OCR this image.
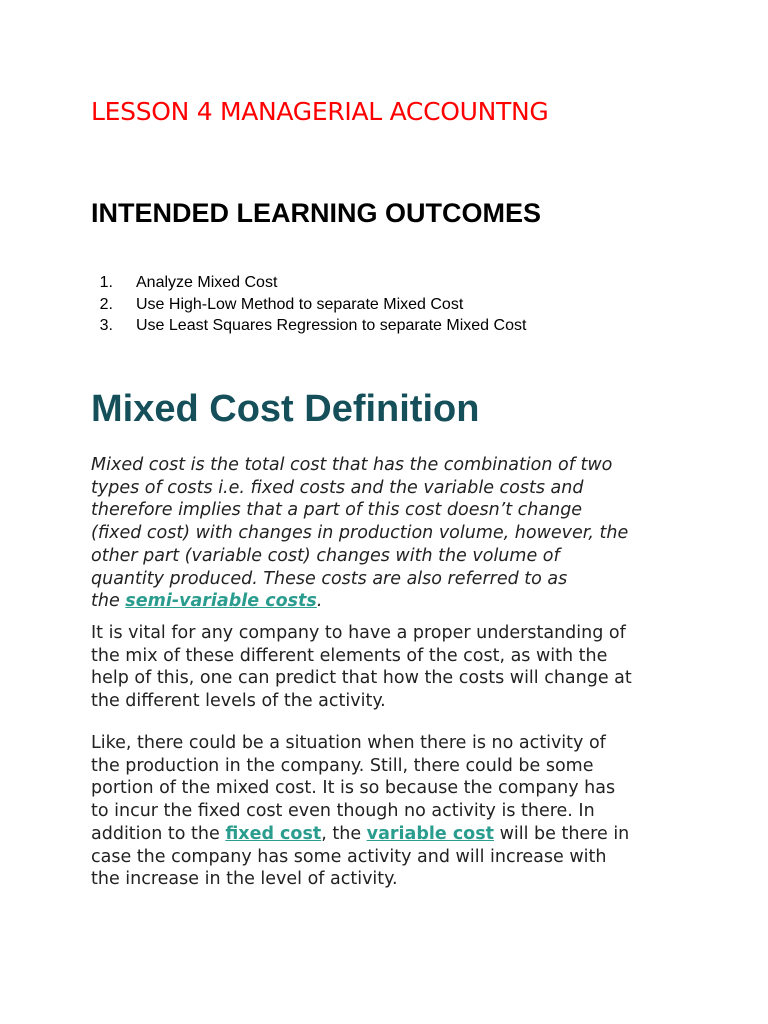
LESSON 4 MANAGERIAL ACCOUNTNG
INTENDED LEARNING OUTCOMES
1. Analyze Mixed Cost
2. Use High-Low Method to separate Mixed Cost
3. Use Least Squares Regression to separate Mixed Cost
Mixed Cost Definition

Mixed cost is the total cost that has the combination of two
types of costs i.e. fixed costs and the variable costs and
therefore implies that a part of this cost doesn’t change
(fixed cost) with changes in production volume, however, the
other part (variable cost) changes with the volume of
quantity produced. These costs are also referred to as
the semi-variable costs.

It is vital for any company to have a proper understanding of
the mix of these different elements of the cost, as with the
help of this, one can predict that how the costs will change at
the different levels of the activity.

Like, there could be a situation when there is no activity of
the production in the company. Still, there could be some
portion of the mixed cost. It is so because the company has
to incur the fixed cost even though no activity is there. In
addition to the fixed cost, the variable cost will be there in
case the company has some activity and will increase with
the increase in the level of activity.
